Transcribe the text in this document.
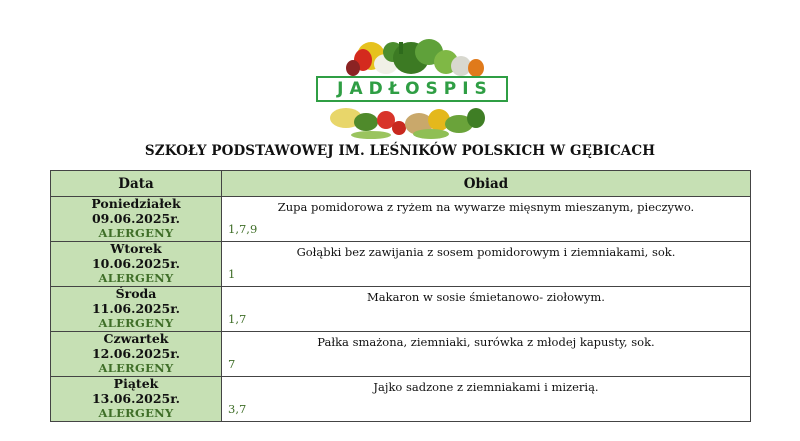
JADŁOSPIS
SZKOŁY PODSTAWOWEJ IM. LEŚNIKÓW POLSKICH W GĘBICACH
Data	Obiad

Poniedziałek
09.06.2025r.
ALERGENY	Zupa pomidorowa z ryżem na wywarze mięsnym mieszanym, pieczywo.
1,7,9

Wtorek
10.06.2025r.
ALERGENY	Gołąbki bez zawijania z sosem pomidorowym i ziemniakami, sok.
1

Środa
11.06.2025r.
ALERGENY	Makaron w sosie śmietanowo- ziołowym.
1,7

Czwartek
12.06.2025r.
ALERGENY	Pałka smażona, ziemniaki, surówka z młodej kapusty, sok.
7

Piątek
13.06.2025r.
ALERGENY	Jajko sadzone z ziemniakami i mizerią.
3,7
